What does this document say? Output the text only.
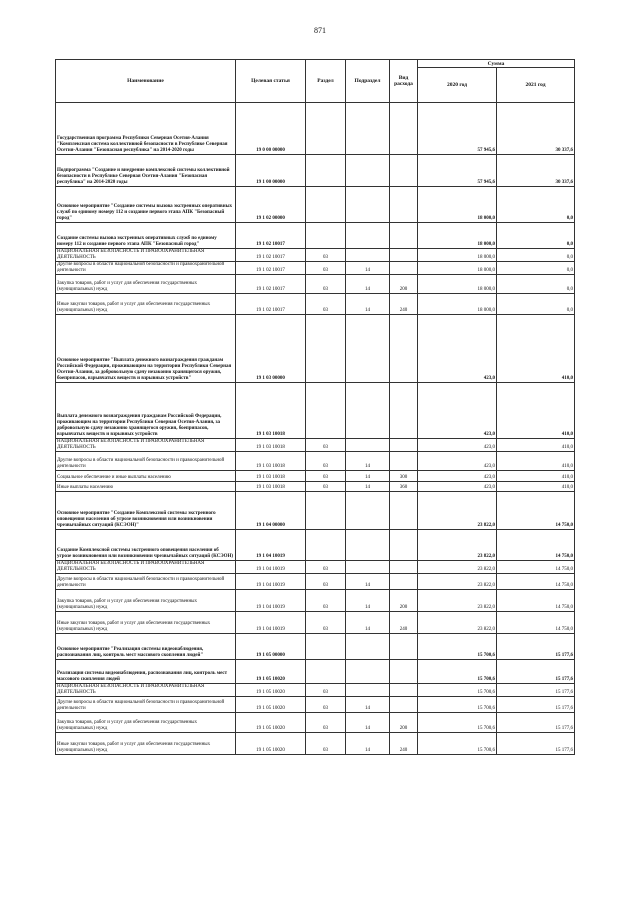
871
Наименование	Целевая статья	Раздел	Подраздел	Вид расхода	Сумма	
					2020 год	2021 год
Государственная программа Республики Северная Осетия-Алания "Комплексная система коллективной безопасности в Республике Северная Осетия-Алания "Безопасная республика" на 2014-2020 годы	19 0 00 00000				57 945,6	30 337,6
Подпрограмма "Создание и внедрение комплексной системы коллективной безопасности в Республике Северная Осетия-Алания "Безопасная республика" на 2014-2020 годы	19 1 00 00000				57 945,6	30 337,6
Основное мероприятие "Создание системы вызова экстренных оперативных служб по единому номеру 112 и создание первого этапа АПК "Безопасный город"	19 1 02 00000				18 000,0	0,0
Создание системы вызова экстренных оперативных служб по единому номеру 112 и создание первого этапа АПК "Безопасный город"	19 1 02 10017				18 000,0	0,0
НАЦИОНАЛЬНАЯ БЕЗОПАСНОСТЬ И ПРАВООХРАНИТЕЛЬНАЯ ДЕЯТЕЛЬНОСТЬ	19 1 02 10017	03			18 000,0	0,0
Другие вопросы в области национальной безопасности и правоохранительной деятельности	19 1 02 10017	03	14		18 000,0	0,0
Закупка товаров, работ и услуг для обеспечения государственных (муниципальных) нужд	19 1 02 10017	03	14	200	18 000,0	0,0
Иные закупки товаров, работ и услуг для обеспечения государственных (муниципальных) нужд	19 1 02 10017	03	14	240	18 000,0	0,0
Основное мероприятие "Выплата денежного вознаграждения гражданам Российской Федерации, проживающим на территории Республики Северная Осетия-Алания, за добровольную сдачу незаконно хранящегося оружия, боеприпасов, взрывчатых веществ и взрывных устройств"	19 1 03 00000				423,0	410,0
Выплата денежного вознаграждения гражданам Российской Федерации, проживающим на территории Республики Северная Осетия-Алания, за добровольную сдачу незаконно хранящегося оружия, боеприпасов, взрывчатых веществ и взрывных устройств	19 1 03 10018				423,0	410,0
НАЦИОНАЛЬНАЯ БЕЗОПАСНОСТЬ И ПРАВООХРАНИТЕЛЬНАЯ ДЕЯТЕЛЬНОСТЬ	19 1 03 10018	03			423,0	410,0
Другие вопросы в области национальной безопасности и правоохранительной деятельности	19 1 03 10018	03	14		423,0	410,0
Социальное обеспечение и иные выплаты населению	19 1 03 10018	03	14	300	423,0	410,0
Иные выплаты населению	19 1 03 10018	03	14	360	423,0	410,0
Основное мероприятие "Создание Комплексной системы экстренного оповещения населения об угрозе возникновения или возникновении чрезвычайных ситуаций (КСЭОН)"	19 1 04 00000				23 822,0	14 750,0
Создание Комплексной системы экстренного оповещения населения об угрозе возникновения или возникновении чрезвычайных ситуаций (КСЭОН)	19 1 04 10019				23 822,0	14 750,0
НАЦИОНАЛЬНАЯ БЕЗОПАСНОСТЬ И ПРАВООХРАНИТЕЛЬНАЯ ДЕЯТЕЛЬНОСТЬ	19 1 04 10019	03			23 822,0	14 750,0
Другие вопросы в области национальной безопасности и правоохранительной деятельности	19 1 04 10019	03	14		23 822,0	14 750,0
Закупка товаров, работ и услуг для обеспечения государственных (муниципальных) нужд	19 1 04 10019	03	14	200	23 822,0	14 750,0
Иные закупки товаров, работ и услуг для обеспечения государственных (муниципальных) нужд	19 1 04 10019	03	14	240	23 822,0	14 750,0
Основное мероприятие "Реализация системы видеонаблюдения, распознавания лиц, контроль мест массового скопления людей"	19 1 05 00000				15 700,6	15 177,6
Реализация системы видеонаблюдения, распознавания лиц, контроль мест массового скопления людей	19 1 05 10020				15 700,6	15 177,6
НАЦИОНАЛЬНАЯ БЕЗОПАСНОСТЬ И ПРАВООХРАНИТЕЛЬНАЯ ДЕЯТЕЛЬНОСТЬ	19 1 05 10020	03			15 700,6	15 177,6
Другие вопросы в области национальной безопасности и правоохранительной деятельности	19 1 05 10020	03	14		15 700,6	15 177,6
Закупка товаров, работ и услуг для обеспечения государственных (муниципальных) нужд	19 1 05 10020	03	14	200	15 700,6	15 177,6
Иные закупки товаров, работ и услуг для обеспечения государственных (муниципальных) нужд	19 1 05 10020	03	14	240	15 700,6	15 177,6
